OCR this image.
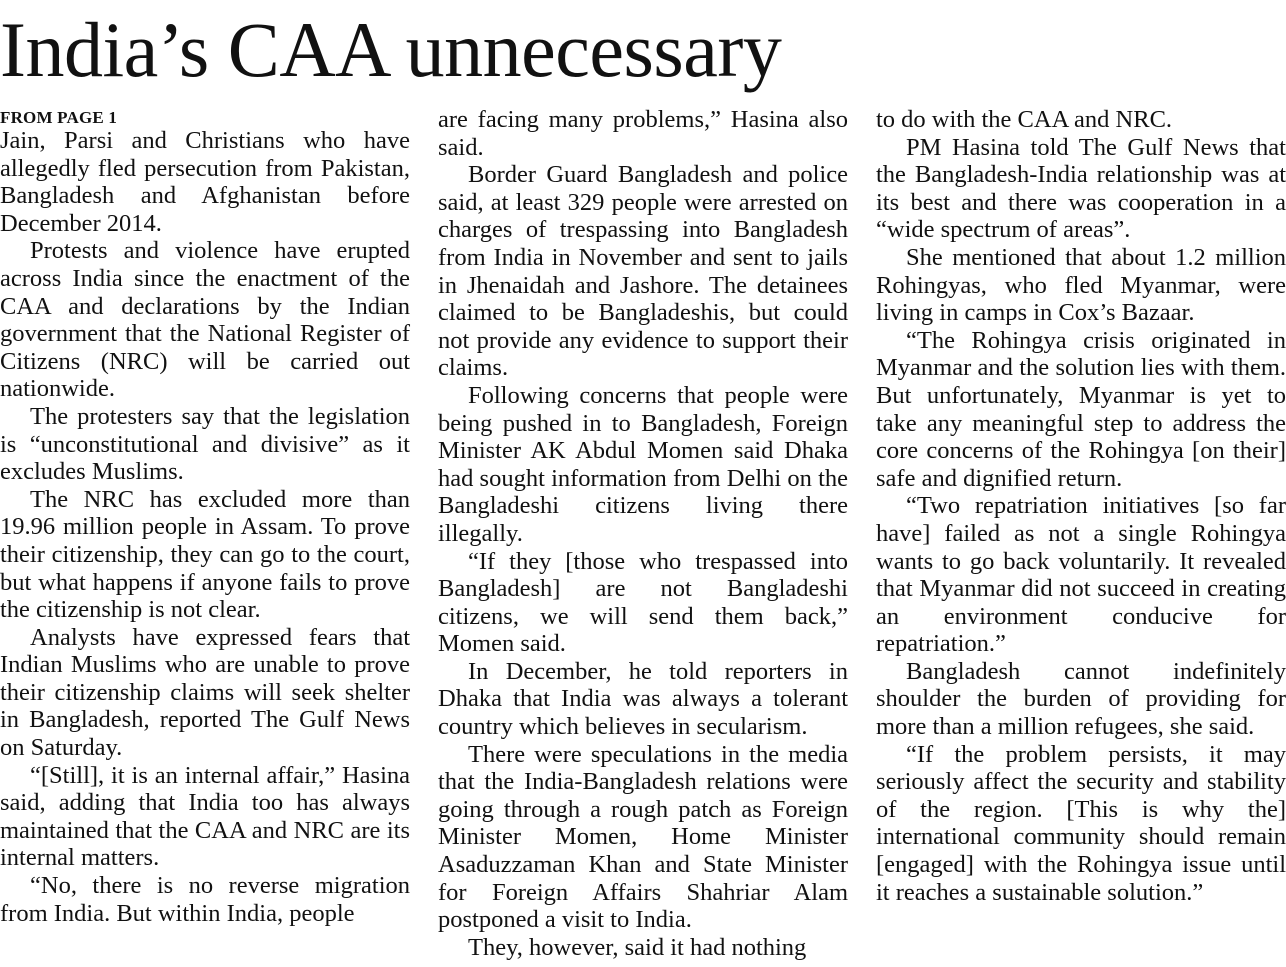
India’s CAA unnecessary
FROM PAGE 1

Jain, Parsi and Christians who have allegedly fled persecution from Pakistan, Bangladesh and Afghanistan before December 2014.

Protests and violence have erupted across India since the enactment of the CAA and declarations by the Indian government that the National Register of Citizens (NRC) will be carried out nationwide.

The protesters say that the legislation is “unconstitutional and divisive” as it excludes Muslims.

The NRC has excluded more than 19.96 million people in Assam. To prove their citizenship, they can go to the court, but what happens if anyone fails to prove the citizenship is not clear.

Analysts have expressed fears that Indian Muslims who are unable to prove their citizenship claims will seek shelter in Bangladesh, reported The Gulf News on Saturday.

“[Still], it is an internal affair,” Hasina said, adding that India too has always maintained that the CAA and NRC are its internal matters.

“No, there is no reverse migration from India. But within India, people

are facing many problems,” Hasina also said.

Border Guard Bangladesh and police said, at least 329 people were arrested on charges of trespassing into Bangladesh from India in November and sent to jails in Jhenaidah and Jashore. The detainees claimed to be Bangladeshis, but could not provide any evidence to support their claims.

Following concerns that people were being pushed in to Bangladesh, Foreign Minister AK Abdul Momen said Dhaka had sought information from Delhi on the Bangladeshi citizens living there illegally.

“If they [those who trespassed into Bangladesh] are not Bangladeshi citizens, we will send them back,” Momen said.

In December, he told reporters in Dhaka that India was always a tolerant country which believes in secularism.

There were speculations in the media that the India-Bangladesh relations were going through a rough patch as Foreign Minister Momen, Home Minister Asaduzzaman Khan and State Minister for Foreign Affairs Shahriar Alam postponed a visit to India.

They, however, said it had nothing

to do with the CAA and NRC.

PM Hasina told The Gulf News that the Bangladesh-India relationship was at its best and there was cooperation in a “wide spectrum of areas”.

She mentioned that about 1.2 million Rohingyas, who fled Myanmar, were living in camps in Cox’s Bazaar.

“The Rohingya crisis originated in Myanmar and the solution lies with them. But unfortunately, Myanmar is yet to take any meaningful step to address the core concerns of the Rohingya [on their] safe and dignified return.

“Two repatriation initiatives [so far have] failed as not a single Rohingya wants to go back voluntarily. It revealed that Myanmar did not succeed in creating an environment conducive for repatriation.”

Bangladesh cannot indefinitely shoulder the burden of providing for more than a million refugees, she said.

“If the problem persists, it may seriously affect the security and stability of the region. [This is why the] international community should remain [engaged] with the Rohingya issue until it reaches a sustainable solution.”
